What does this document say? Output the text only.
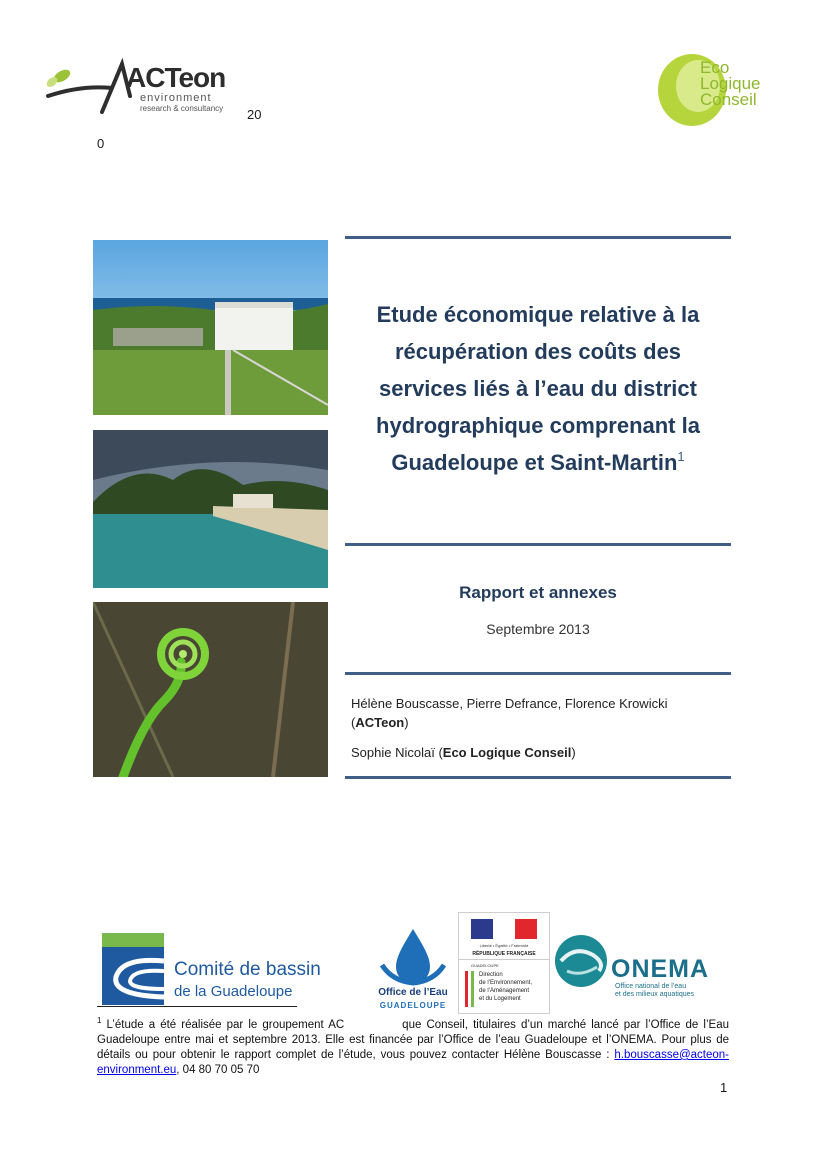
ACTeon
environment
research & consultancy 20
0
Eco
Logique
Conseil
Etude économique relative à la
récupération des coûts des
services liés à l’eau du district
hydrographique comprenant la
Guadeloupe et Saint-Martin$^1$
Rapport et annexes
Septembre 2013
Hélène Bouscasse, Pierre Defrance, Florence Krowicki
(ACTeon)
Sophie Nicolaï (Eco Logique Conseil)
$^1$ L’étude a été réalisée par le groupement AC	que Conseil, titulaires d’un marché lancé par l’Office de l’Eau Guadeloupe entre mai et septembre 2013. Elle est financée par l’Office de l’eau Guadeloupe et l’ONEMA. Pour plus de détails ou pour obtenir le rapport complet de l’étude, vous pouvez contacter Hélène Bouscasse : h.bouscasse@acteon-environment.eu, 04 80 70 05 70
Comité de bassin
de la Guadeloupe	Office de l’Eau
GUADELOUPE
Liberté • Égalité • Fraternité
RÉPUBLIQUE FRANÇAISE
GUADELOUPE
Direction
de l’Environnement,
de l’Aménagement
et du Logement
ONEMA
Office national de l’eau
et des milieux aquatiques
1
